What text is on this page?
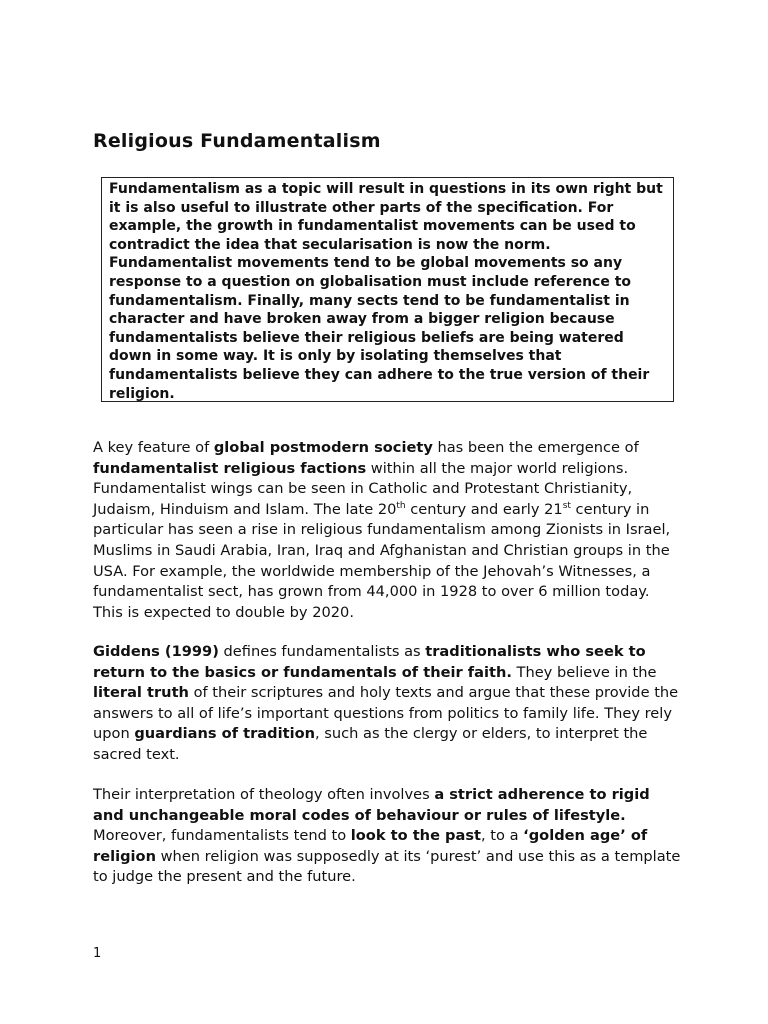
Religious Fundamentalism
Fundamentalism as a topic will result in questions in its own right but it is also useful to illustrate other parts of the specification. For example, the growth in fundamentalist movements can be used to contradict the idea that secularisation is now the norm. Fundamentalist movements tend to be global movements so any response to a question on globalisation must include reference to fundamentalism. Finally, many sects tend to be fundamentalist in character and have broken away from a bigger religion because fundamentalists believe their religious beliefs are being watered down in some way. It is only by isolating themselves that fundamentalists believe they can adhere to the true version of their religion.

A key feature of global postmodern society has been the emergence of fundamentalist religious factions within all the major world religions. Fundamentalist wings can be seen in Catholic and Protestant Christianity, Judaism, Hinduism and Islam. The late 20th century and early 21st century in particular has seen a rise in religious fundamentalism among Zionists in Israel, Muslims in Saudi Arabia, Iran, Iraq and Afghanistan and Christian groups in the USA. For example, the worldwide membership of the Jehovah’s Witnesses, a fundamentalist sect, has grown from 44,000 in 1928 to over 6 million today. This is expected to double by 2020.

Giddens (1999) defines fundamentalists as traditionalists who seek to return to the basics or fundamentals of their faith. They believe in the literal truth of their scriptures and holy texts and argue that these provide the answers to all of life’s important questions from politics to family life. They rely upon guardians of tradition, such as the clergy or elders, to interpret the sacred text.

Their interpretation of theology often involves a strict adherence to rigid and unchangeable moral codes of behaviour or rules of lifestyle. Moreover, fundamentalists tend to look to the past, to a ‘golden age’ of religion when religion was supposedly at its ‘purest’ and use this as a template to judge the present and the future.

1
